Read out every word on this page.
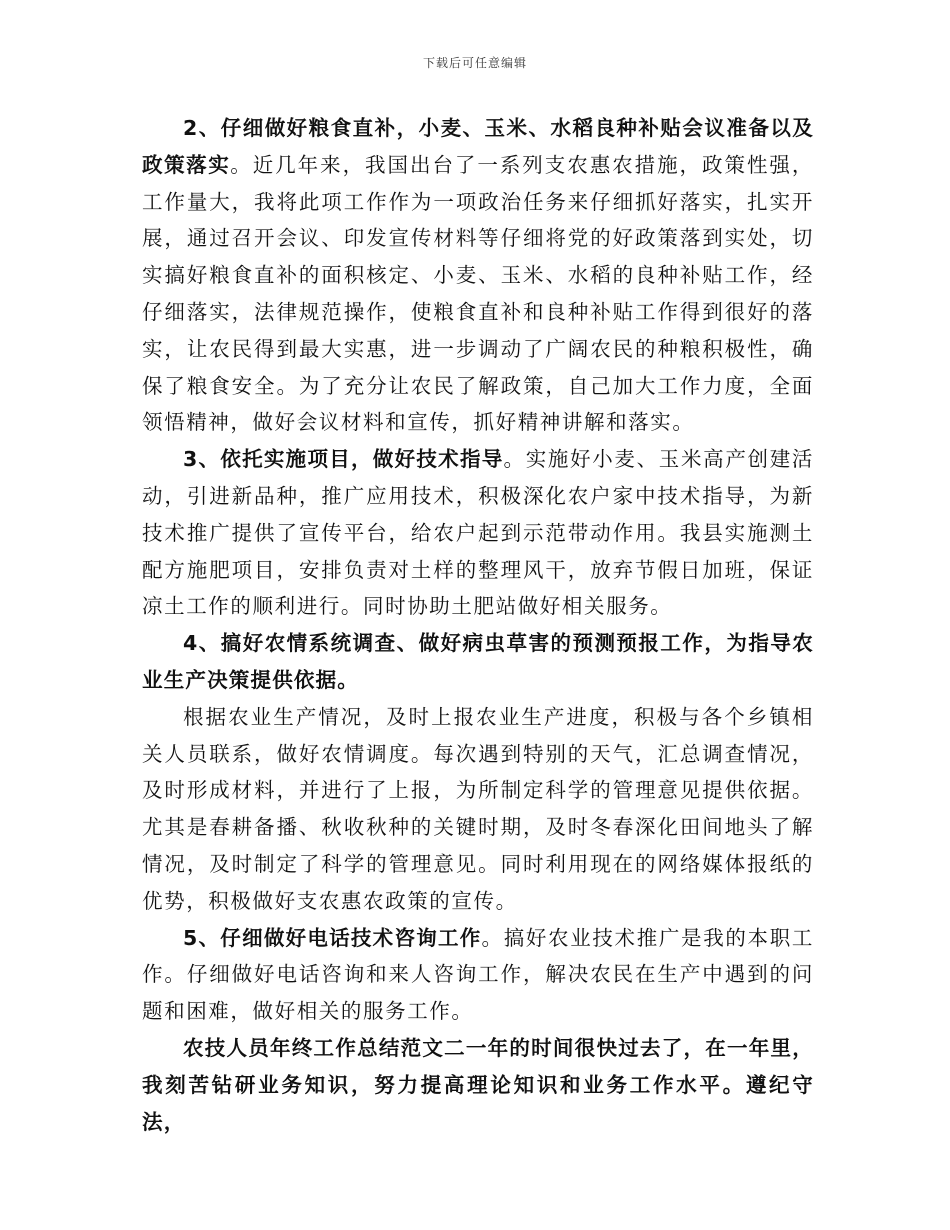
下载后可任意编辑

2、仔细做好粮食直补，小麦、玉米、水稻良种补贴会议准备以及政策落实。近几年来，我国出台了一系列支农惠农措施，政策性强，工作量大，我将此项工作作为一项政治任务来仔细抓好落实，扎实开展，通过召开会议、印发宣传材料等仔细将党的好政策落到实处，切实搞好粮食直补的面积核定、小麦、玉米、水稻的良种补贴工作，经仔细落实，法律规范操作，使粮食直补和良种补贴工作得到很好的落实，让农民得到最大实惠，进一步调动了广阔农民的种粮积极性，确保了粮食安全。为了充分让农民了解政策，自己加大工作力度，全面领悟精神，做好会议材料和宣传，抓好精神讲解和落实。

3、依托实施项目，做好技术指导。实施好小麦、玉米高产创建活动，引进新品种，推广应用技术，积极深化农户家中技术指导，为新技术推广提供了宣传平台，给农户起到示范带动作用。我县实施测土配方施肥项目，安排负责对土样的整理风干，放弃节假日加班，保证凉土工作的顺利进行。同时协助土肥站做好相关服务。

4、搞好农情系统调查、做好病虫草害的预测预报工作，为指导农业生产决策提供依据。

根据农业生产情况，及时上报农业生产进度，积极与各个乡镇相关人员联系，做好农情调度。每次遇到特别的天气，汇总调查情况，及时形成材料，并进行了上报，为所制定科学的管理意见提供依据。尤其是春耕备播、秋收秋种的关键时期，及时冬春深化田间地头了解情况，及时制定了科学的管理意见。同时利用现在的网络媒体报纸的优势，积极做好支农惠农政策的宣传。

5、仔细做好电话技术咨询工作。搞好农业技术推广是我的本职工作。仔细做好电话咨询和来人咨询工作，解决农民在生产中遇到的问题和困难，做好相关的服务工作。

农技人员年终工作总结范文二一年的时间很快过去了，在一年里，我刻苦钻研业务知识，努力提高理论知识和业务工作水平。遵纪守法，
